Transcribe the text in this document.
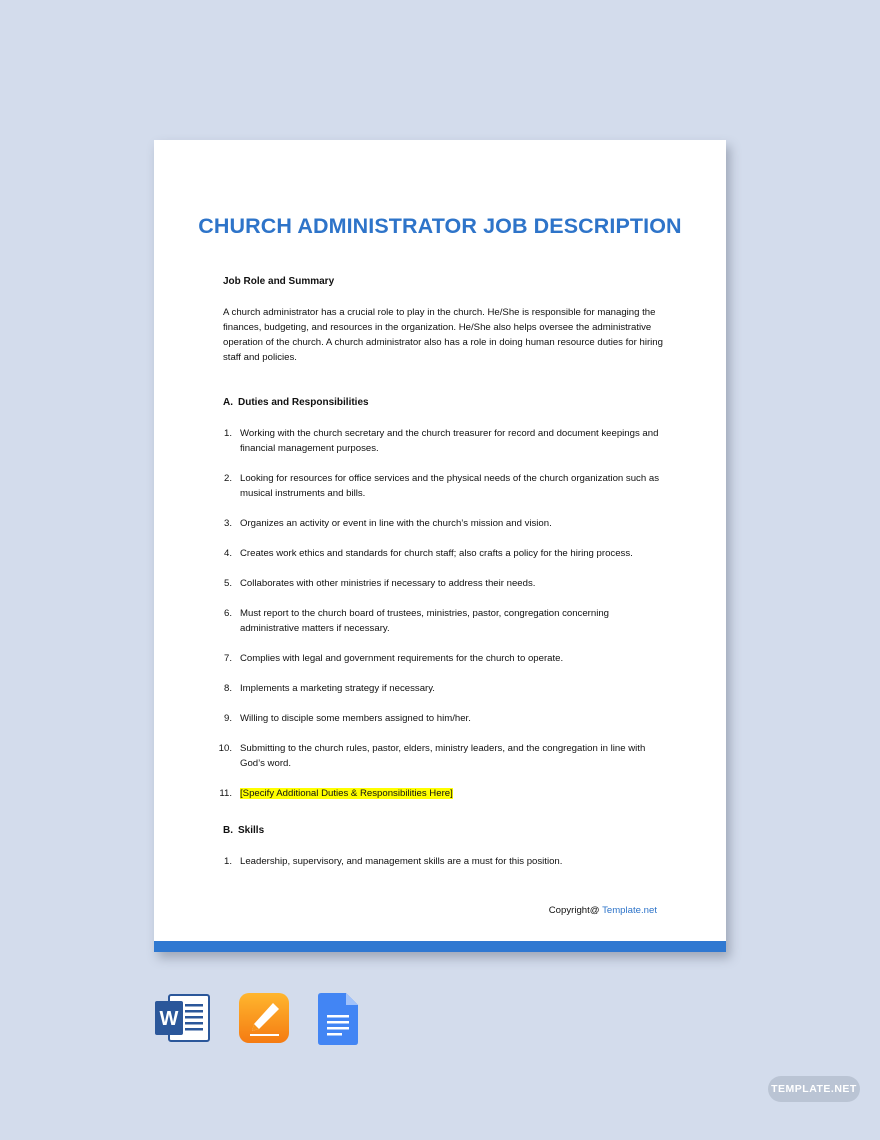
CHURCH ADMINISTRATOR JOB DESCRIPTION
Job Role and Summary
A church administrator has a crucial role to play in the church. He/She is responsible for managing the finances, budgeting, and resources in the organization. He/She also helps oversee the administrative operation of the church. A church administrator also has a role in doing human resource duties for hiring staff and policies.
A. Duties and Responsibilities
1. Working with the church secretary and the church treasurer for record and document keepings and financial management purposes.
2. Looking for resources for office services and the physical needs of the church organization such as musical instruments and bills.
3. Organizes an activity or event in line with the church’s mission and vision.
4. Creates work ethics and standards for church staff; also crafts a policy for the hiring process.
5. Collaborates with other ministries if necessary to address their needs.
6. Must report to the church board of trustees, ministries, pastor, congregation concerning administrative matters if necessary.
7. Complies with legal and government requirements for the church to operate.
8. Implements a marketing strategy if necessary.
9. Willing to disciple some members assigned to him/her.
10. Submitting to the church rules, pastor, elders, ministry leaders, and the congregation in line with God’s word.
11. [Specify Additional Duties & Responsibilities Here]
B. Skills
1. Leadership, supervisory, and management skills are a must for this position.
Copyright@ Template.net
W
TEMPLATE.NET
